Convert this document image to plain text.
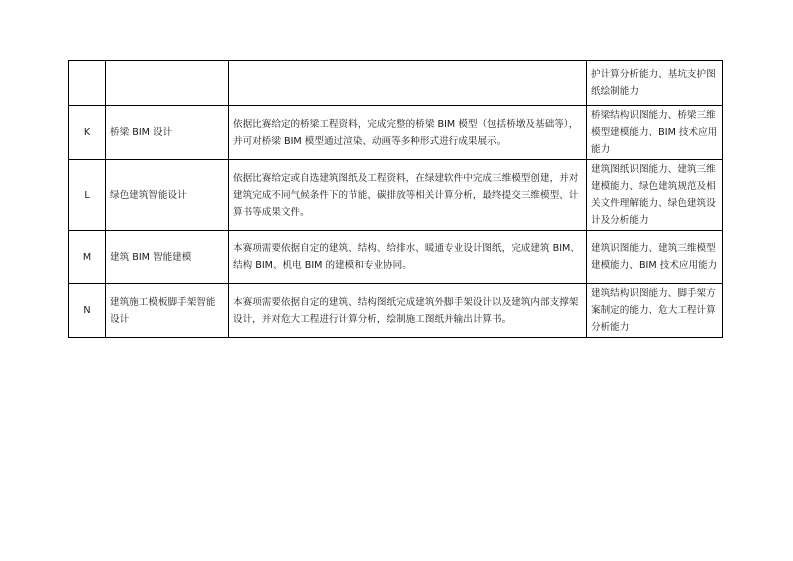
			护计算分析能力、基坑支护图纸绘制能力
K	桥梁 BIM 设计	依据比赛给定的桥梁工程资料，完成完整的桥梁 BIM 模型（包括桥墩及基础等），并可对桥梁 BIM 模型通过渲染、动画等多种形式进行成果展示。	桥梁结构识图能力、桥梁三维模型建模能力、BIM 技术应用能力
L	绿色建筑智能设计	依据比赛给定或自选建筑图纸及工程资料，在绿建软件中完成三维模型创建，并对建筑完成不同气候条件下的节能、碳排放等相关计算分析，最终提交三维模型、计算书等成果文件。	建筑图纸识图能力、建筑三维建模能力、绿色建筑规范及相关文件理解能力、绿色建筑设计及分析能力
M	建筑 BIM 智能建模	本赛项需要依据自定的建筑、结构、给排水、暖通专业设计图纸，完成建筑 BIM、结构 BIM、机电 BIM 的建模和专业协同。	建筑识图能力、建筑三维模型建模能力、BIM 技术应用能力
N	建筑施工模板脚手架智能设计	本赛项需要依据自定的建筑、结构图纸完成建筑外脚手架设计以及建筑内部支撑架设计，并对危大工程进行计算分析，绘制施工图纸并输出计算书。	建筑结构识图能力、脚手架方案制定的能力、危大工程计算分析能力
